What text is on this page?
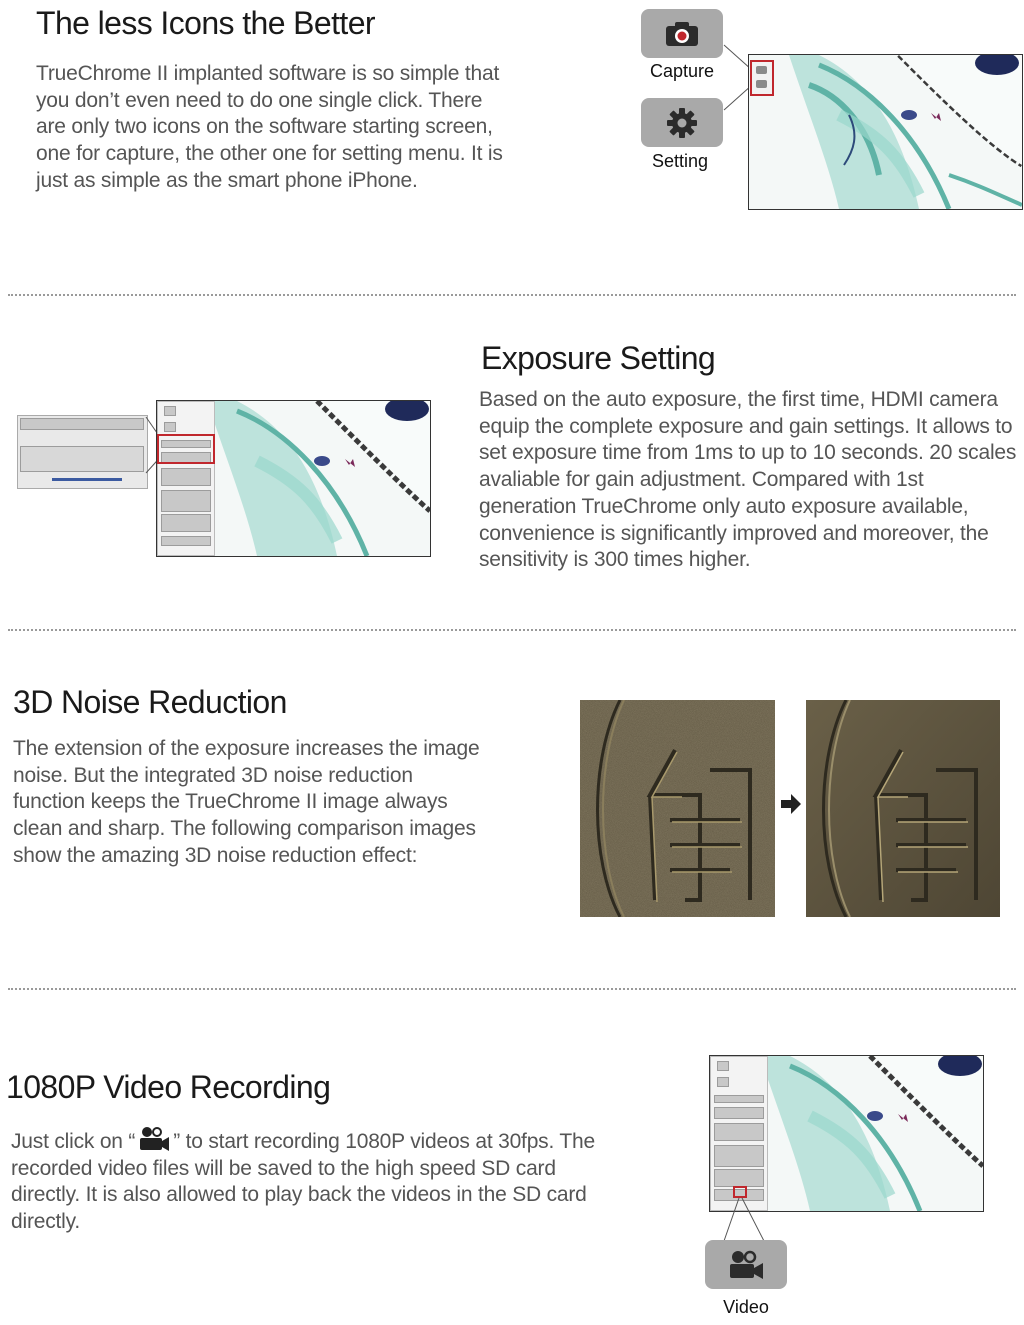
The less Icons the Better

TrueChrome II implanted software is so simple that you don’t even need to do one single click. There are only two icons on the software starting screen, one for capture, the other one for setting menu. It is just as simple as the smart phone iPhone.

Capture
Setting
Exposure Setting

Based on the auto exposure, the first time, HDMI camera equip the complete exposure and gain settings. It allows to set exposure time from 1ms to up to 10 seconds. 20 scales avaliable for gain adjustment. Compared with 1st generation TrueChrome only auto exposure available, convenience is significantly improved and moreover, the sensitivity is 300 times higher.

3D Noise Reduction

The extension of the exposure increases the image noise. But the integrated 3D noise reduction function keeps the TrueChrome II image always clean and sharp. The following comparison images show the amazing 3D noise reduction effect:

1080P Video Recording
Just click on “ ” to start recording 1080P videos at 30fps. The recorded video files will be saved to the high speed SD card directly. It is also allowed to play back the videos in the SD card directly.
Video
